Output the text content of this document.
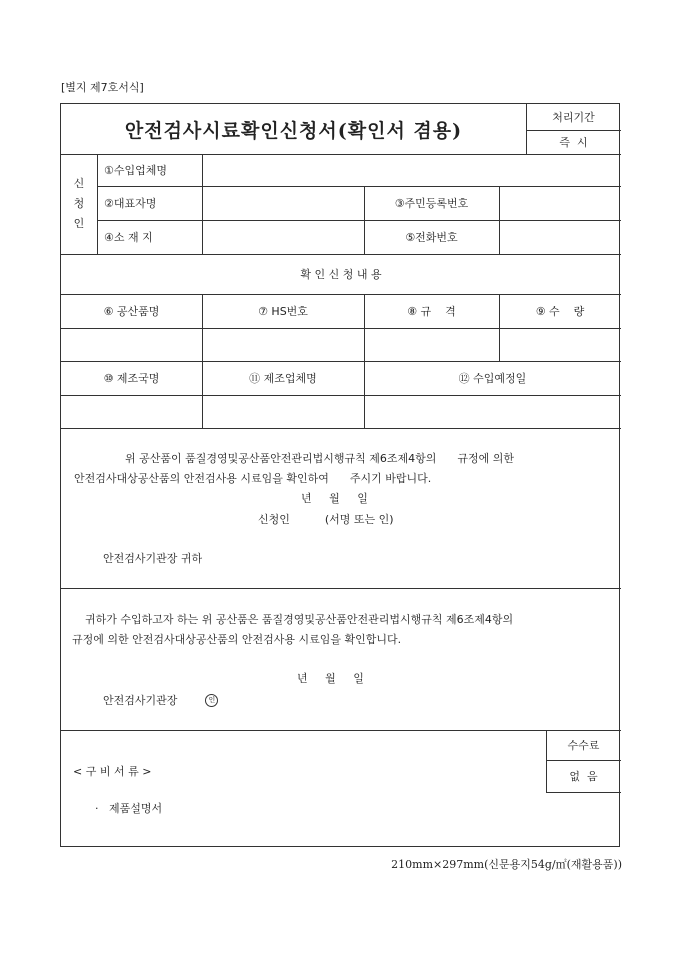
[별지 제7호서식]
안전검사시료확인신청서(확인서 겸용)
처리기간
즉  시
신
청
인
①수입업체명
②대표자명	③주민등록번호
④소 재 지	⑤전화번호
확 인 신 청 내 용
⑥ 공산품명	⑦ HS번호	⑧ 규    격	⑨ 수    량
⑩ 제조국명	⑪ 제조업체명	⑫ 수입예정일
위 공산품이 품질경영및공산품안전관리법시행규칙 제6조제4항의      규정에 의한
안전검사대상공산품의 안전검사용 시료임을 확인하여      주시기 바랍니다.
년     월     일
신청인          (서명 또는 인)
안전검사기관장 귀하
귀하가 수입하고자 하는 위 공산품은 품질경영및공산품안전관리법시행규칙 제6조제4항의
규정에 의한 안전검사대상공산품의 안전검사용 시료임을 확인합니다.
년     월     일
안전검사기관장	인
< 구 비 서 류 >
·   제품설명서
수수료
없  음
210mm×297mm(신문용지54g/㎡(재활용품))
